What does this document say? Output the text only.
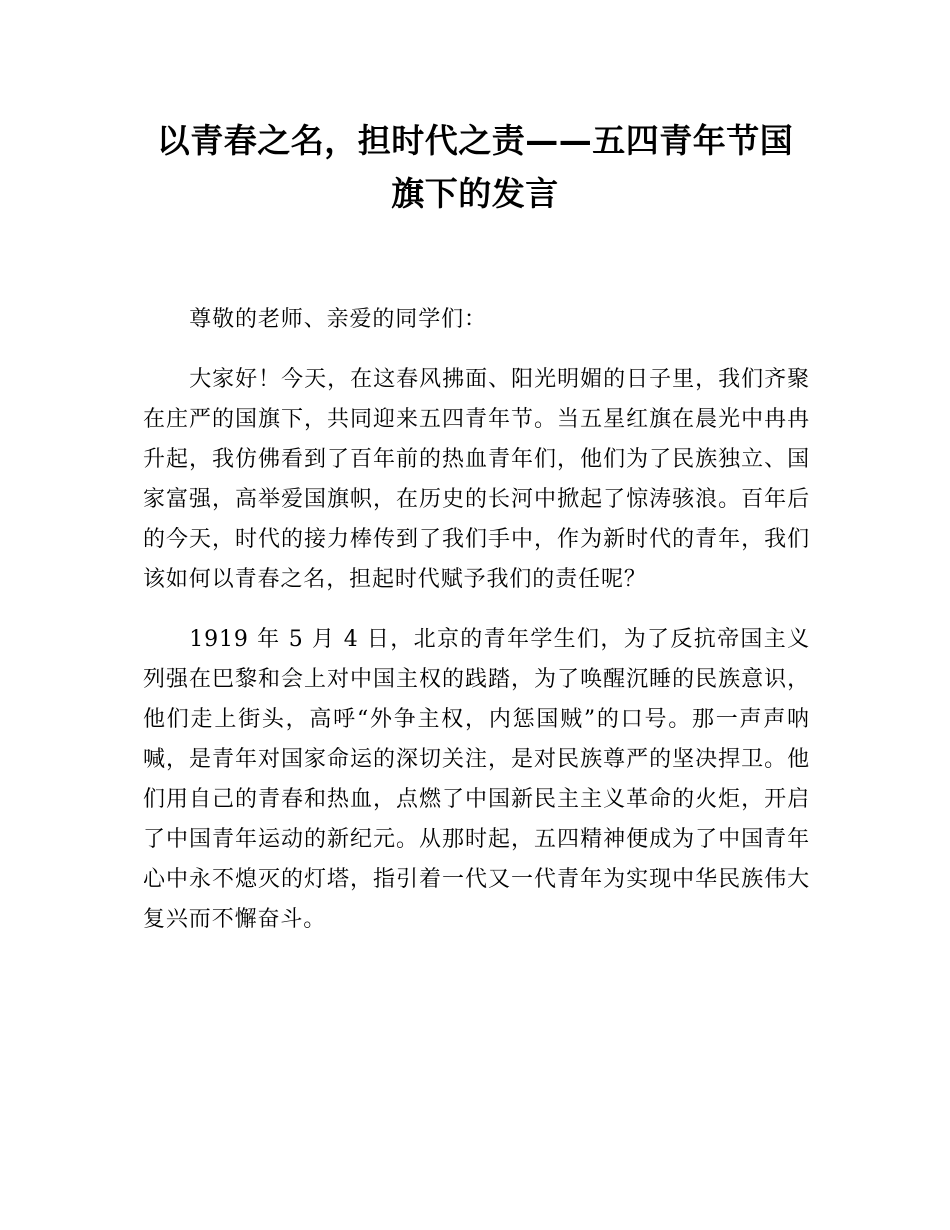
以青春之名，担时代之责——五四青年节国旗下的发言

尊敬的老师、亲爱的同学们：

大家好！今天，在这春风拂面、阳光明媚的日子里，我们齐聚在庄严的国旗下，共同迎来五四青年节。当五星红旗在晨光中冉冉升起，我仿佛看到了百年前的热血青年们，他们为了民族独立、国家富强，高举爱国旗帜，在历史的长河中掀起了惊涛骇浪。百年后的今天，时代的接力棒传到了我们手中，作为新时代的青年，我们该如何以青春之名，担起时代赋予我们的责任呢？

1919 年 5 月 4 日，北京的青年学生们，为了反抗帝国主义列强在巴黎和会上对中国主权的践踏，为了唤醒沉睡的民族意识，他们走上街头，高呼“外争主权，内惩国贼”的口号。那一声声呐喊，是青年对国家命运的深切关注，是对民族尊严的坚决捍卫。他们用自己的青春和热血，点燃了中国新民主主义革命的火炬，开启了中国青年运动的新纪元。从那时起，五四精神便成为了中国青年心中永不熄灭的灯塔，指引着一代又一代青年为实现中华民族伟大复兴而不懈奋斗。
